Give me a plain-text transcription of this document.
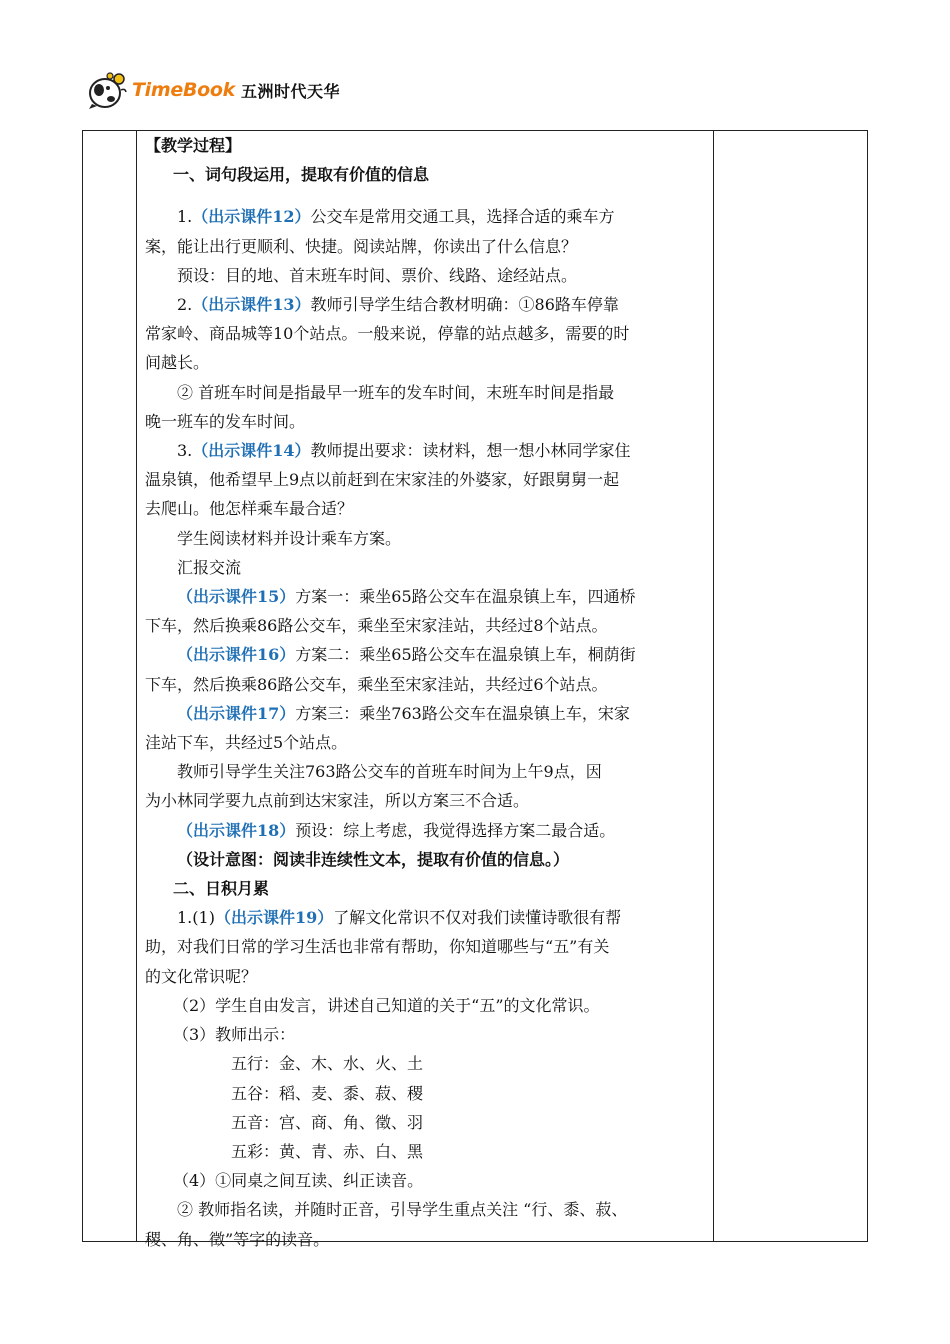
TimeBook 五洲时代天华

【教学过程】

一、词句段运用，提取有价值的信息

1.（出示课件12）公交车是常用交通工具，选择合适的乘车方

案，能让出行更顺利、快捷。阅读站牌，你读出了什么信息？

预设：目的地、首末班车时间、票价、线路、途经站点。

2.（出示课件13）教师引导学生结合教材明确：①86路车停靠

常家岭、商品城等10个站点。一般来说，停靠的站点越多，需要的时

间越长。

② 首班车时间是指最早一班车的发车时间，末班车时间是指最

晚一班车的发车时间。

3.（出示课件14）教师提出要求：读材料，想一想小林同学家住

温泉镇，他希望早上9点以前赶到在宋家洼的外婆家，好跟舅舅一起

去爬山。他怎样乘车最合适？

学生阅读材料并设计乘车方案。

汇报交流

（出示课件15）方案一：乘坐65路公交车在温泉镇上车，四通桥

下车，然后换乘86路公交车，乘坐至宋家洼站，共经过8个站点。

（出示课件16）方案二：乘坐65路公交车在温泉镇上车，桐荫街

下车，然后换乘86路公交车，乘坐至宋家洼站，共经过6个站点。

（出示课件17）方案三：乘坐763路公交车在温泉镇上车，宋家

洼站下车，共经过5个站点。

教师引导学生关注763路公交车的首班车时间为上午9点，因

为小林同学要九点前到达宋家洼，所以方案三不合适。

（出示课件18）预设：综上考虑，我觉得选择方案二最合适。

（设计意图：阅读非连续性文本，提取有价值的信息。）

二、日积月累

1.(1)（出示课件19）了解文化常识不仅对我们读懂诗歌很有帮

助，对我们日常的学习生活也非常有帮助，你知道哪些与“五”有关

的文化常识呢？

（2）学生自由发言，讲述自己知道的关于“五”的文化常识。

（3）教师出示：

五行：金、木、水、火、土

五谷：稻、麦、黍、菽、稷

五音：宫、商、角、徵、羽

五彩：黄、青、赤、白、黑

（4）①同桌之间互读、纠正读音。

② 教师指名读，并随时正音，引导学生重点关注 “行、黍、菽、

稷、角、徵”等字的读音。
